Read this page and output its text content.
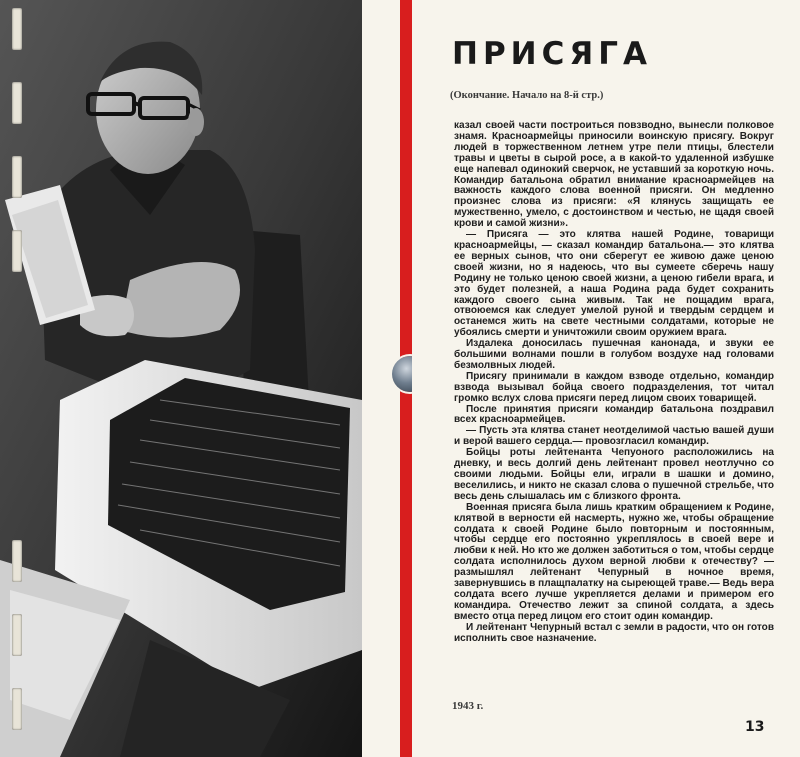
ПРИСЯГА
(Окончание. Начало на 8-й стр.)

казал своей части построиться повзводно, вынесли полковое знамя. Красноармейцы приносили воинскую присягу. Вокруг людей в торжественном летнем утре пели птицы, блестели травы и цветы в сырой росе, а в какой-то удаленной избушке еще напевал одинокий сверчок, не уставший за короткую ночь. Командир батальона обратил внимание красноармейцев на важность каждого слова военной присяги. Он медленно произнес слова из присяги: «Я клянусь защищать ее мужественно, умело, с достоинством и честью, не щадя своей крови и самой жизни».

— Присяга — это клятва нашей Родине, товарищи красноармейцы, — сказал командир батальона.— это клятва ее верных сынов, что они сберегут ее живою даже ценою своей жизни, но я надеюсь, что вы сумеете сберечь нашу Родину не только ценою своей жизни, а ценою гибели врага, и это будет полезней, а наша Родина рада будет сохранить каждого своего сына живым. Так не пощадим врага, отвоюемся как следует умелой руной и твердым сердцем и останемся жить на свете честными солдатами, которые не убоялись смерти и уничтожили своим оружием врага.

Издалека доносилась пушечная канонада, и звуки ее большими волнами пошли в голубом воздухе над головами безмолвных людей.

Присягу принимали в каждом взводе отдельно, командир взвода вызывал бойца своего подразделения, тот читал громко вслух слова присяги перед лицом своих товарищей.

После принятия присяги командир батальона поздравил всех красноармейцев.

— Пусть эта клятва станет неотделимой частью вашей души и верой вашего сердца.— провозгласил командир.

Бойцы роты лейтенанта Чепуоного расположились на дневку, и весь долгий день лейтенант провел неотлучно со своими людьми. Бойцы ели, играли в шашки и домино, веселились, и никто не сказал слова о пушечной стрельбе, что весь день слышалась им с близкого фронта.

Военная присяга была лишь кратким обращением к Родине, клятвой в верности ей насмерть, нужно же, чтобы обращение солдата к своей Родине было повторным и постоянным, чтобы сердце его постоянно укреплялось в своей вере и любви к ней. Но кто же должен заботиться о том, чтобы сердце солдата исполнилось духом верной любви к отечеству? — размышлял лейтенант Чепурный в ночное время, завернувшись в плащпалатку на сыреющей траве.— Ведь вера солдата всего лучше укрепляется делами и примером его командира. Отечество лежит за спиной солдата, а здесь вместо отца перед лицом его стоит один командир.

И лейтенант Чепурный встал с земли в радости, что он готов исполнить свое назначение.

1943 г.
13
